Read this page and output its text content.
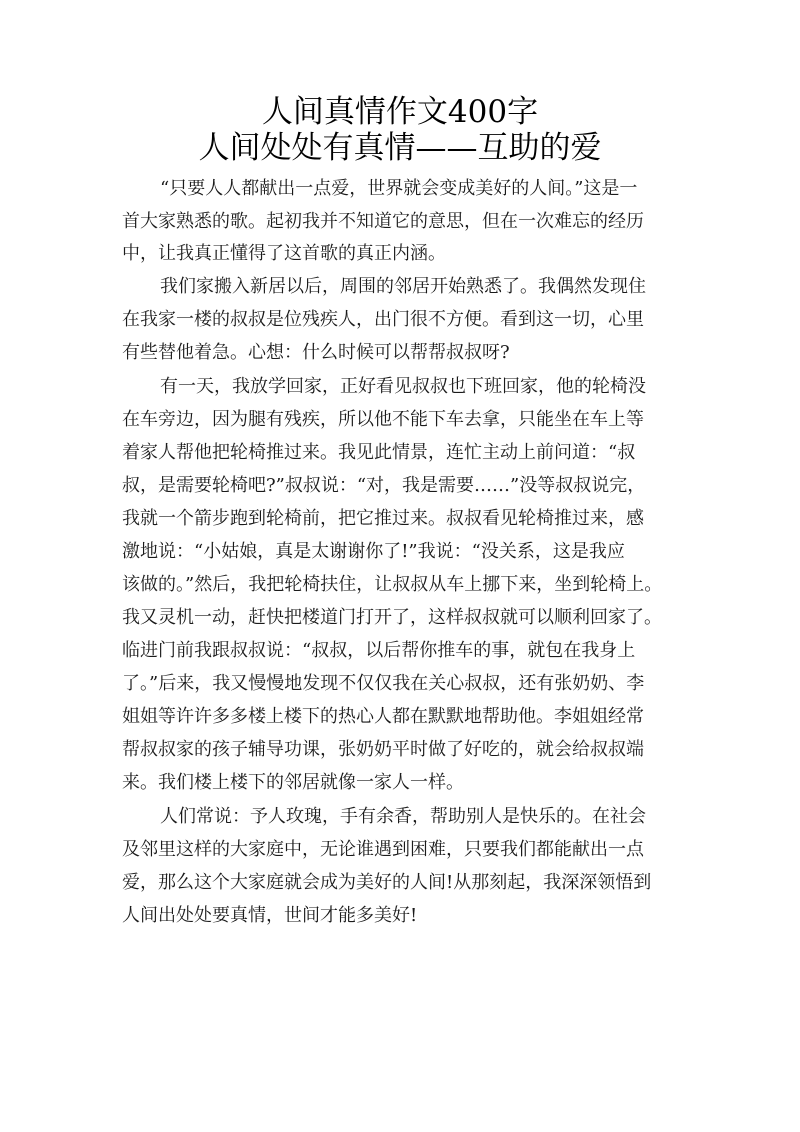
人间真情作文400字
人间处处有真情——互助的爱
“只要人人都献出一点爱，世界就会变成美好的人间。”这是一
首大家熟悉的歌。起初我并不知道它的意思，但在一次难忘的经历
中，让我真正懂得了这首歌的真正内涵。
我们家搬入新居以后，周围的邻居开始熟悉了。我偶然发现住
在我家一楼的叔叔是位残疾人，出门很不方便。看到这一切，心里
有些替他着急。心想：什么时候可以帮帮叔叔呀?
有一天，我放学回家，正好看见叔叔也下班回家，他的轮椅没
在车旁边，因为腿有残疾，所以他不能下车去拿，只能坐在车上等
着家人帮他把轮椅推过来。我见此情景，连忙主动上前问道：“叔
叔，是需要轮椅吧?”叔叔说：“对，我是需要……”没等叔叔说完，
我就一个箭步跑到轮椅前，把它推过来。叔叔看见轮椅推过来，感
激地说：“小姑娘，真是太谢谢你了!”我说：“没关系，这是我应
该做的。”然后，我把轮椅扶住，让叔叔从车上挪下来，坐到轮椅上。
我又灵机一动，赶快把楼道门打开了，这样叔叔就可以顺利回家了。
临进门前我跟叔叔说：“叔叔，以后帮你推车的事，就包在我身上
了。”后来，我又慢慢地发现不仅仅我在关心叔叔，还有张奶奶、李
姐姐等许许多多楼上楼下的热心人都在默默地帮助他。李姐姐经常
帮叔叔家的孩子辅导功课，张奶奶平时做了好吃的，就会给叔叔端
来。我们楼上楼下的邻居就像一家人一样。
人们常说：予人玫瑰，手有余香，帮助别人是快乐的。在社会
及邻里这样的大家庭中，无论谁遇到困难，只要我们都能献出一点
爱，那么这个大家庭就会成为美好的人间!从那刻起，我深深领悟到
人间出处处要真情，世间才能多美好!
